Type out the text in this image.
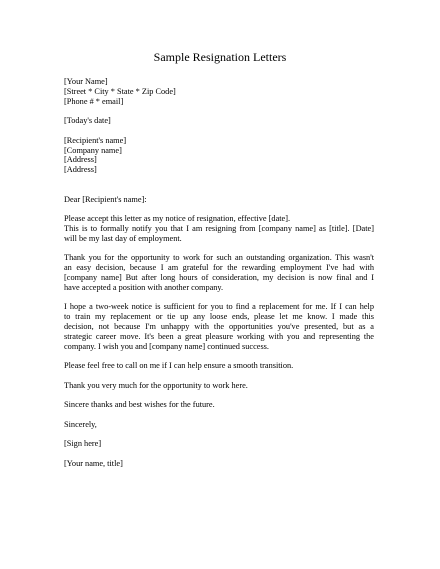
Sample Resignation Letters
[Your Name]
[Street * City * State * Zip Code]
[Phone # * email]
[Today's date]
[Recipient's name]
[Company name]
[Address]
[Address]
Dear [Recipient's name]:
Please accept this letter as my notice of resignation, effective [date].
This is to formally notify you that I am resigning from [company name] as [title]. [Date]
will be my last day of employment.
Thank you for the opportunity to work for such an outstanding organization. This wasn't
an easy decision, because I am grateful for the rewarding employment I've had with
[company name] But after long hours of consideration, my decision is now final and I
have accepted a position with another company.
I hope a two-week notice is sufficient for you to find a replacement for me. If I can help
to train my replacement or tie up any loose ends, please let me know. I made this
decision, not because I'm unhappy with the opportunities you've presented, but as a
strategic career move. It's been a great pleasure working with you and representing the
company. I wish you and [company name] continued success.
Please feel free to call on me if I can help ensure a smooth transition.
Thank you very much for the opportunity to work here.
Sincere thanks and best wishes for the future.
Sincerely,
[Sign here]
[Your name, title]
